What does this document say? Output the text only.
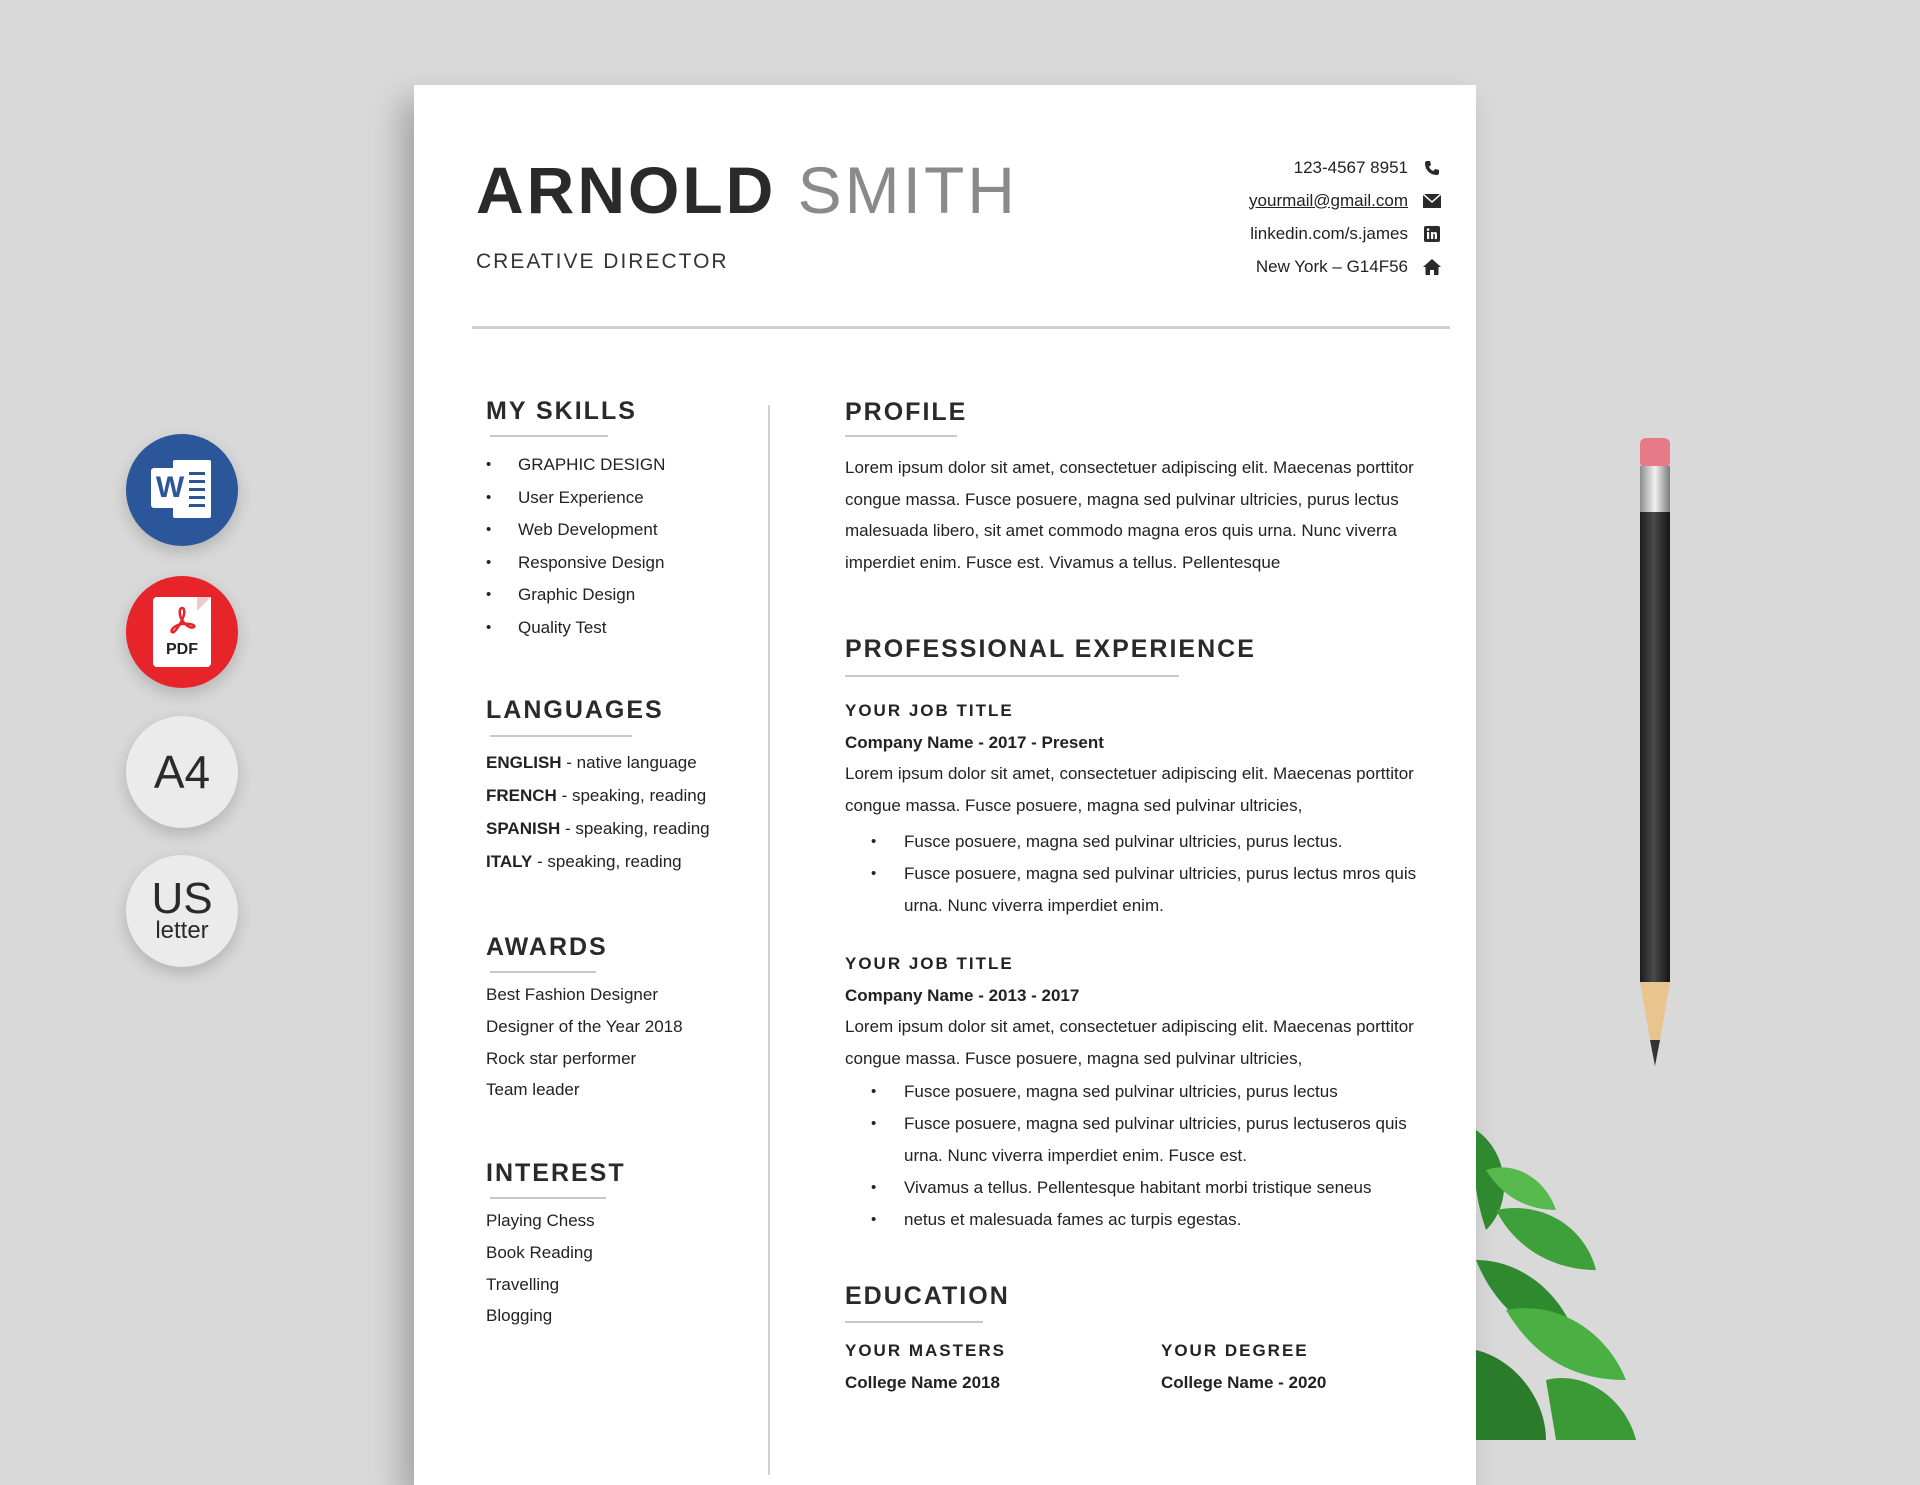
W
PDF
A4
US
letter
ARNOLD SMITH
CREATIVE DIRECTOR
123-4567 8951
yourmail@gmail.com
linkedin.com/s.james
New York – G14F56
MY SKILLS
• GRAPHIC DESIGN
• User Experience
• Web Development
• Responsive Design
• Graphic Design
• Quality Test
LANGUAGES
ENGLISH - native language
FRENCH - speaking, reading
SPANISH - speaking, reading
ITALY - speaking, reading
AWARDS
Best Fashion Designer
Designer of the Year 2018
Rock star performer
Team leader
INTEREST
Playing Chess
Book Reading
Travelling
Blogging
PROFILE
Lorem ipsum dolor sit amet, consectetuer adipiscing elit. Maecenas porttitor congue massa. Fusce posuere, magna sed pulvinar ultricies, purus lectus malesuada libero, sit amet commodo magna eros quis urna. Nunc viverra imperdiet enim. Fusce est. Vivamus a tellus. Pellentesque
PROFESSIONAL EXPERIENCE
YOUR JOB TITLE
Company Name - 2017 - Present
Lorem ipsum dolor sit amet, consectetuer adipiscing elit. Maecenas porttitor congue massa. Fusce posuere, magna sed pulvinar ultricies,
• Fusce posuere, magna sed pulvinar ultricies, purus lectus.
• Fusce posuere, magna sed pulvinar ultricies, purus lectus mros quis urna. Nunc viverra imperdiet enim.
YOUR JOB TITLE
Company Name - 2013 - 2017
Lorem ipsum dolor sit amet, consectetuer adipiscing elit. Maecenas porttitor congue massa. Fusce posuere, magna sed pulvinar ultricies,
• Fusce posuere, magna sed pulvinar ultricies, purus lectus
• Fusce posuere, magna sed pulvinar ultricies, purus lectuseros quis urna. Nunc viverra imperdiet enim. Fusce est.
• Vivamus a tellus. Pellentesque habitant morbi tristique seneus
• netus et malesuada fames ac turpis egestas.
EDUCATION
YOUR MASTERS
College Name 2018
YOUR DEGREE
College Name - 2020
